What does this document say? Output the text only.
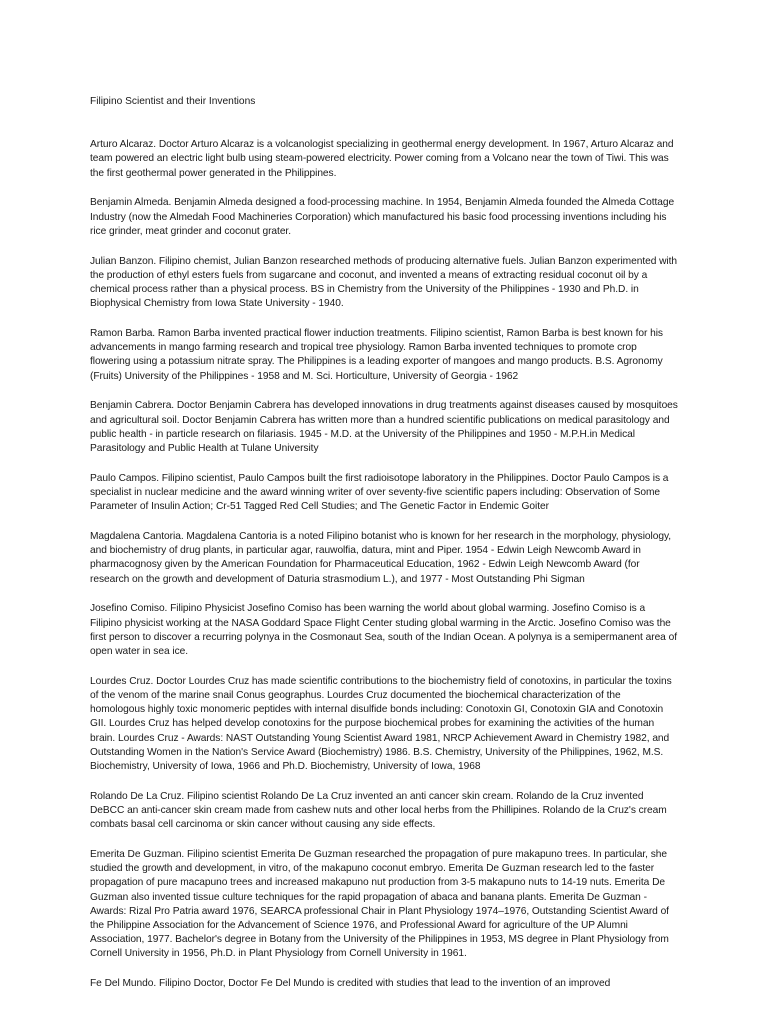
Filipino Scientist and their Inventions

Arturo Alcaraz. Doctor Arturo Alcaraz is a volcanologist specializing in geothermal energy development. In 1967, Arturo Alcaraz and team powered an electric light bulb using steam-powered electricity. Power coming from a Volcano near the town of Tiwi. This was the first geothermal power generated in the Philippines.

Benjamin Almeda. Benjamin Almeda designed a food-processing machine. In 1954, Benjamin Almeda founded the Almeda Cottage Industry (now the Almedah Food Machineries Corporation) which manufactured his basic food processing inventions including his rice grinder, meat grinder and coconut grater.

Julian Banzon. Filipino chemist, Julian Banzon researched methods of producing alternative fuels. Julian Banzon experimented with the production of ethyl esters fuels from sugarcane and coconut, and invented a means of extracting residual coconut oil by a chemical process rather than a physical process. BS in Chemistry from the University of the Philippines - 1930 and Ph.D. in Biophysical Chemistry from Iowa State University - 1940.

Ramon Barba. Ramon Barba invented practical flower induction treatments. Filipino scientist, Ramon Barba is best known for his advancements in mango farming research and tropical tree physiology. Ramon Barba invented techniques to promote crop flowering using a potassium nitrate spray. The Philippines is a leading exporter of mangoes and mango products. B.S. Agronomy (Fruits) University of the Philippines - 1958 and M. Sci. Horticulture, University of Georgia - 1962

Benjamin Cabrera. Doctor Benjamin Cabrera has developed innovations in drug treatments against diseases caused by mosquitoes and agricultural soil. Doctor Benjamin Cabrera has written more than a hundred scientific publications on medical parasitology and public health - in particle research on filariasis. 1945 - M.D. at the University of the Philippines and 1950 - M.P.H.in Medical Parasitology and Public Health at Tulane University

Paulo Campos. Filipino scientist, Paulo Campos built the first radioisotope laboratory in the Philippines. Doctor Paulo Campos is a specialist in nuclear medicine and the award winning writer of over seventy-five scientific papers including: Observation of Some Parameter of Insulin Action; Cr-51 Tagged Red Cell Studies; and The Genetic Factor in Endemic Goiter

Magdalena Cantoria. Magdalena Cantoria is a noted Filipino botanist who is known for her research in the morphology, physiology, and biochemistry of drug plants, in particular agar, rauwolfia, datura, mint and Piper. 1954 - Edwin Leigh Newcomb Award in pharmacognosy given by the American Foundation for Pharmaceutical Education, 1962 - Edwin Leigh Newcomb Award (for research on the growth and development of Daturia strasmodium L.), and 1977 - Most Outstanding Phi Sigman

Josefino Comiso. Filipino Physicist Josefino Comiso has been warning the world about global warming. Josefino Comiso is a Filipino physicist working at the NASA Goddard Space Flight Center studing global warming in the Arctic. Josefino Comiso was the first person to discover a recurring polynya in the Cosmonaut Sea, south of the Indian Ocean. A polynya is a semipermanent area of open water in sea ice.

Lourdes Cruz. Doctor Lourdes Cruz has made scientific contributions to the biochemistry field of conotoxins, in particular the toxins of the venom of the marine snail Conus geographus. Lourdes Cruz documented the biochemical characterization of the homologous highly toxic monomeric peptides with internal disulfide bonds including: Conotoxin GI, Conotoxin GIA and Conotoxin GII. Lourdes Cruz has helped develop conotoxins for the purpose biochemical probes for examining the activities of the human brain. Lourdes Cruz - Awards: NAST Outstanding Young Scientist Award 1981, NRCP Achievement Award in Chemistry 1982, and Outstanding Women in the Nation's Service Award (Biochemistry) 1986. B.S. Chemistry, University of the Philippines, 1962, M.S. Biochemistry, University of Iowa, 1966 and Ph.D. Biochemistry, University of Iowa, 1968

Rolando De La Cruz. Filipino scientist Rolando De La Cruz invented an anti cancer skin cream. Rolando de la Cruz invented DeBCC an anti-cancer skin cream made from cashew nuts and other local herbs from the Phillipines. Rolando de la Cruz's cream combats basal cell carcinoma or skin cancer without causing any side effects.

Emerita De Guzman. Filipino scientist Emerita De Guzman researched the propagation of pure makapuno trees. In particular, she studied the growth and development, in vitro, of the makapuno coconut embryo. Emerita De Guzman research led to the faster propagation of pure macapuno trees and increased makapuno nut production from 3-5 makapuno nuts to 14-19 nuts. Emerita De Guzman also invented tissue culture techniques for the rapid propagation of abaca and banana plants. Emerita De Guzman - Awards: Rizal Pro Patria award 1976, SEARCA professional Chair in Plant Physiology 1974–1976, Outstanding Scientist Award of the Philippine Association for the Advancement of Science 1976, and Professional Award for agriculture of the UP Alumni Association, 1977. Bachelor's degree in Botany from the University of the Philippines in 1953, MS degree in Plant Physiology from Cornell University in 1956, Ph.D. in Plant Physiology from Cornell University in 1961.

Fe Del Mundo. Filipino Doctor, Doctor Fe Del Mundo is credited with studies that lead to the invention of an improved
